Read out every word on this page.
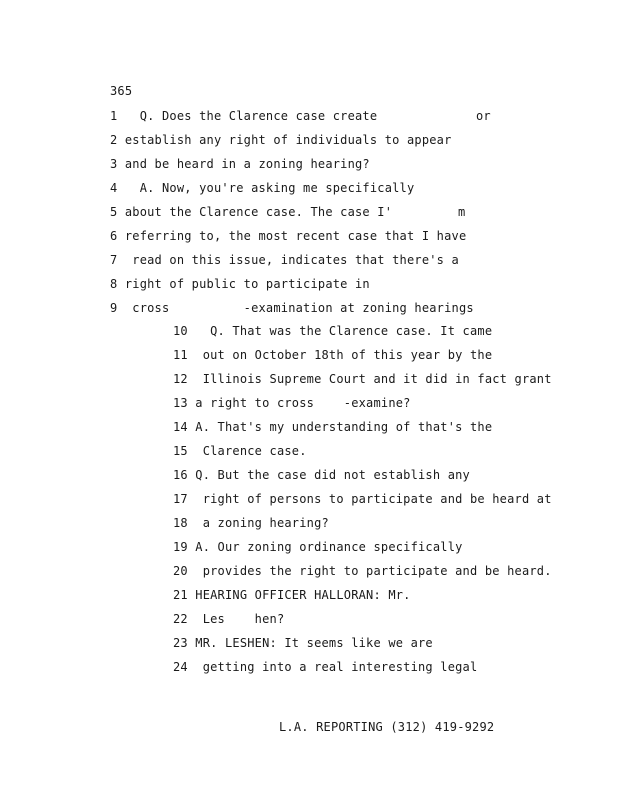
365
1   Q. Does the Clarence case create	or
2 establish any right of individuals to appear
3 and be heard in a zoning hearing?
4   A. Now, you're asking me specifically
5 about the Clarence case. The case I'	m
6 referring to, the most recent case that I have
7  read on this issue, indicates that there's a
8 right of public to participate in
9  cross          -examination at zoning hearings
10   Q. That was the Clarence case. It came
11  out on October 18th of this year by the
12  Illinois Supreme Court and it did in fact grant
13 a right to cross    -examine?
14 A. That's my understanding of that's the
15  Clarence case.
16 Q. But the case did not establish any
17  right of persons to participate and be heard at
18  a zoning hearing?
19 A. Our zoning ordinance specifically
20  provides the right to participate and be heard.
21 HEARING OFFICER HALLORAN: Mr.
22  Les    hen?
23 MR. LESHEN: It seems like we are
24  getting into a real interesting legal
L.A. REPORTING (312) 419-9292
